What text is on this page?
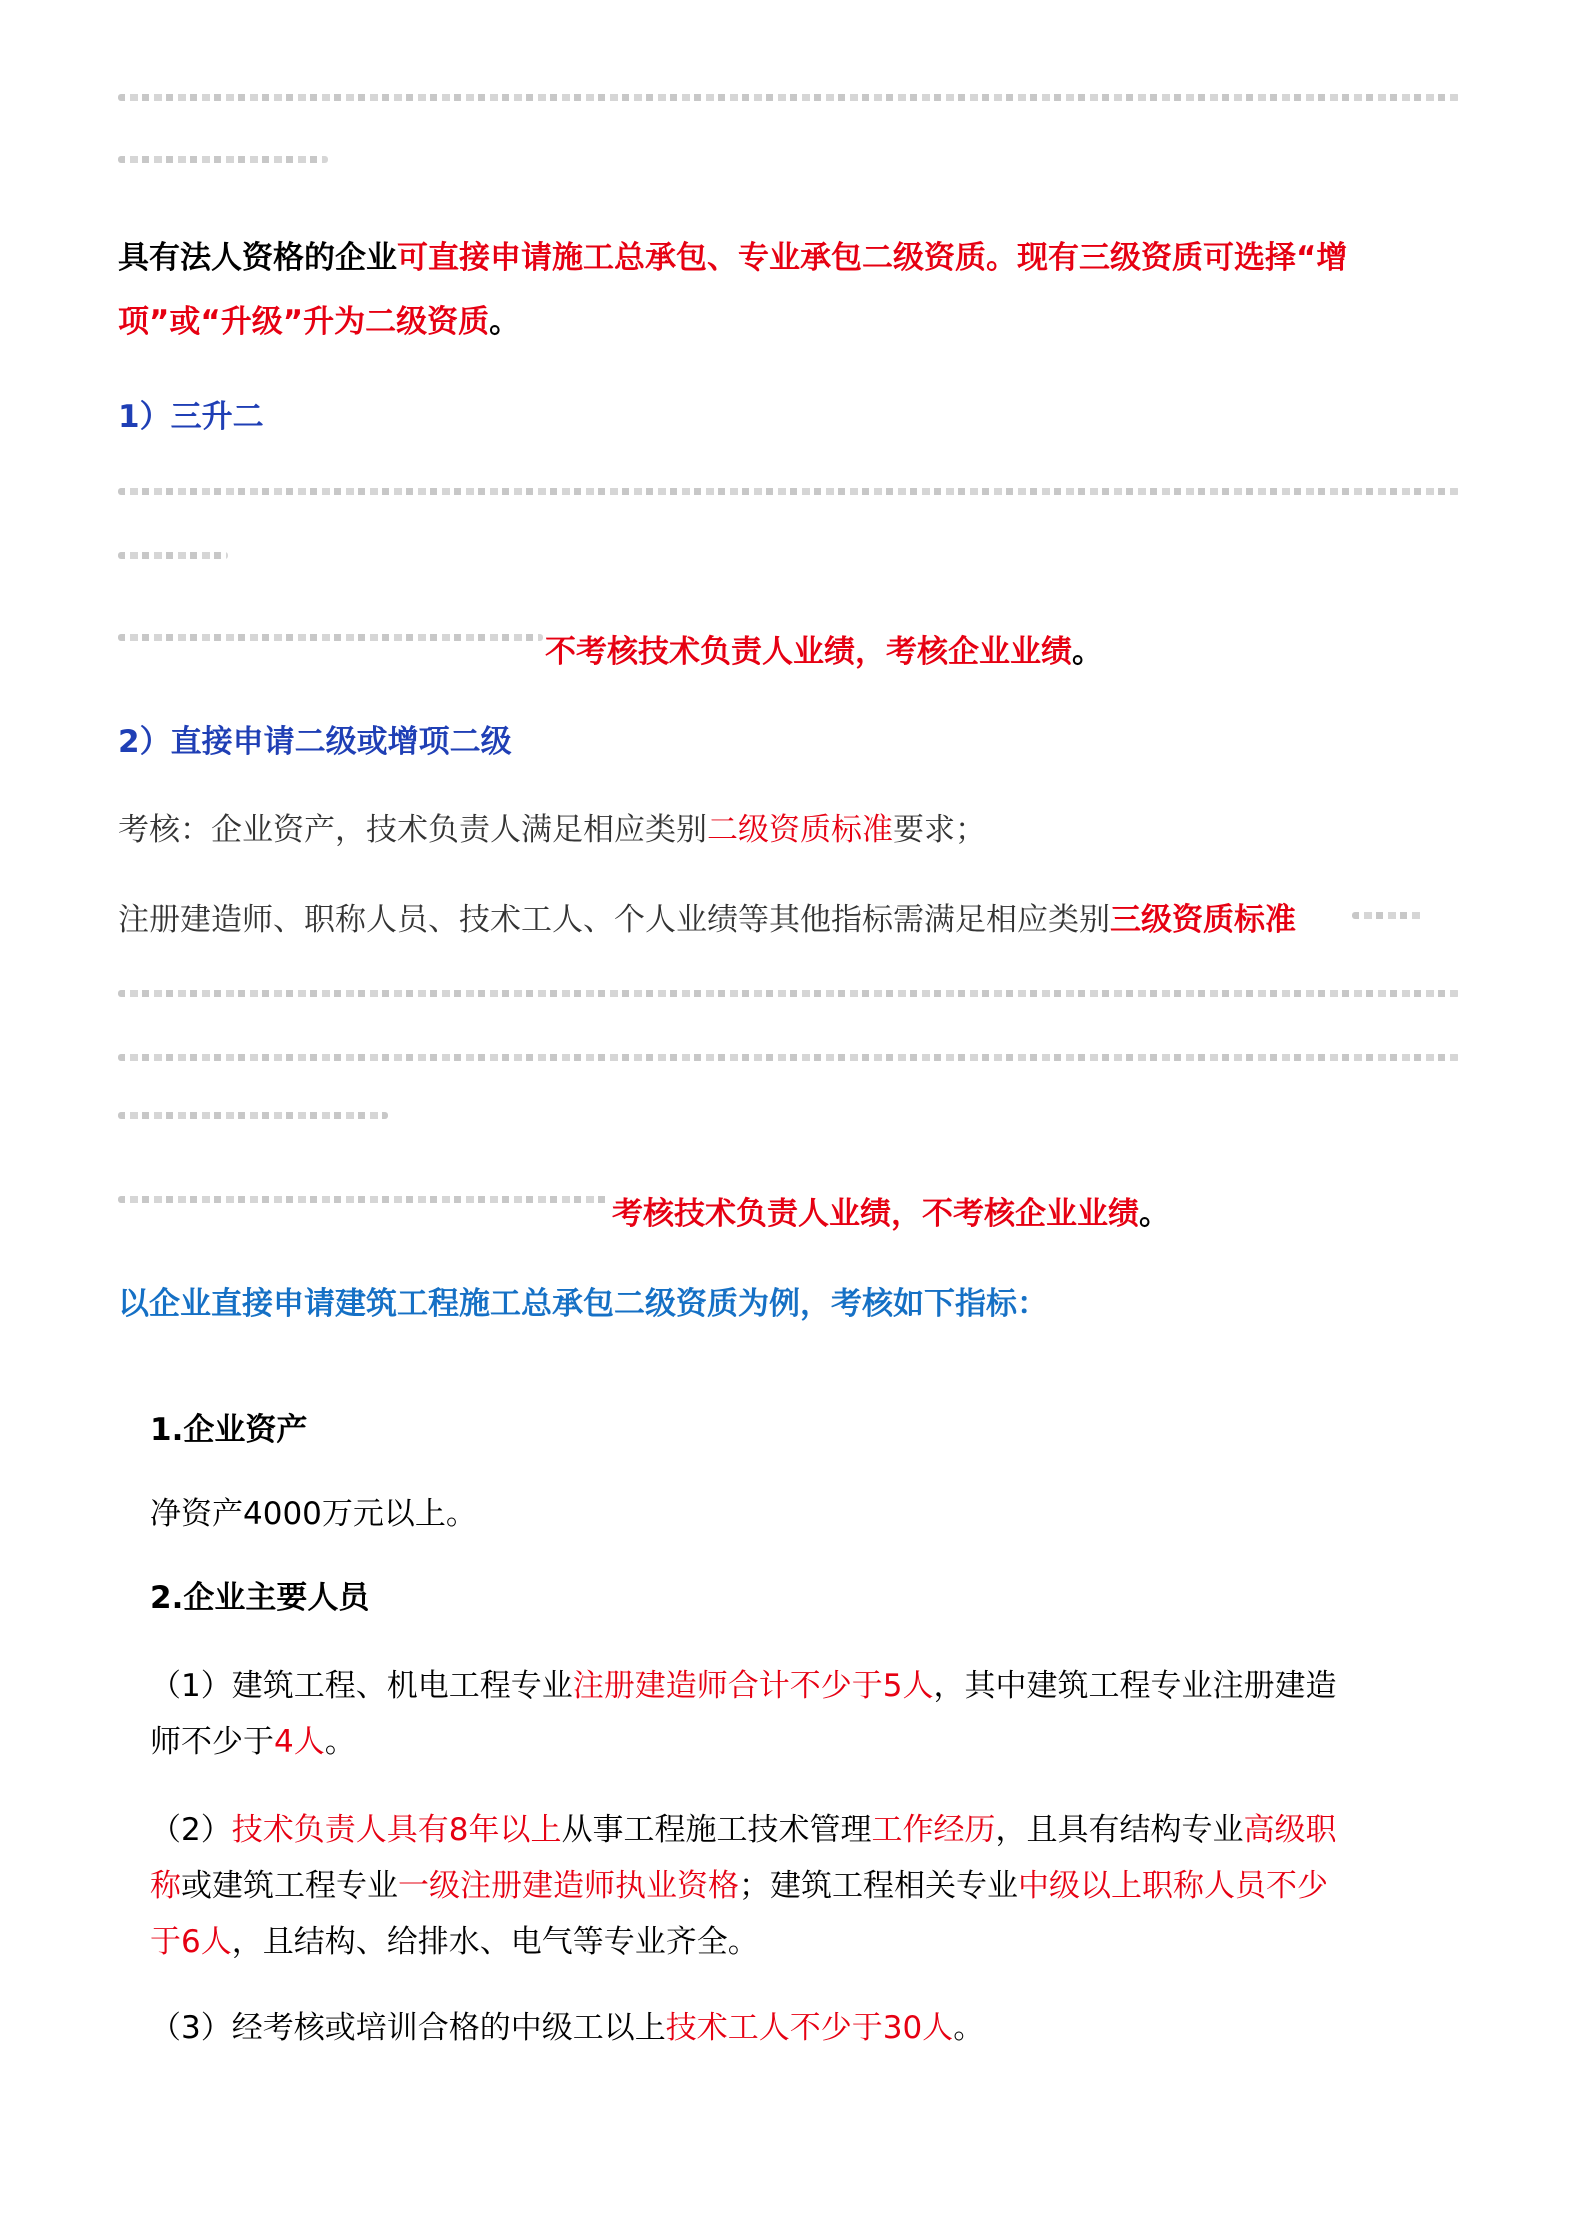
具有法人资格的企业可直接申请施工总承包、专业承包二级资质。现有三级资质可选择“增
项”或“升级”升为二级资质。
1）三升二
不考核技术负责人业绩，考核企业业绩。
2）直接申请二级或增项二级
考核：企业资产，技术负责人满足相应类别二级资质标准要求；
注册建造师、职称人员、技术工人、个人业绩等其他指标需满足相应类别三级资质标准
考核技术负责人业绩，不考核企业业绩。
以企业直接申请建筑工程施工总承包二级资质为例，考核如下指标：
1.企业资产
净资产4000万元以上。
2.企业主要人员
（1）建筑工程、机电工程专业注册建造师合计不少于5人，其中建筑工程专业注册建造
师不少于4人。
（2）技术负责人具有8年以上从事工程施工技术管理工作经历，且具有结构专业高级职
称或建筑工程专业一级注册建造师执业资格；建筑工程相关专业中级以上职称人员不少
于6人，且结构、给排水、电气等专业齐全。
（3）经考核或培训合格的中级工以上技术工人不少于30人。
